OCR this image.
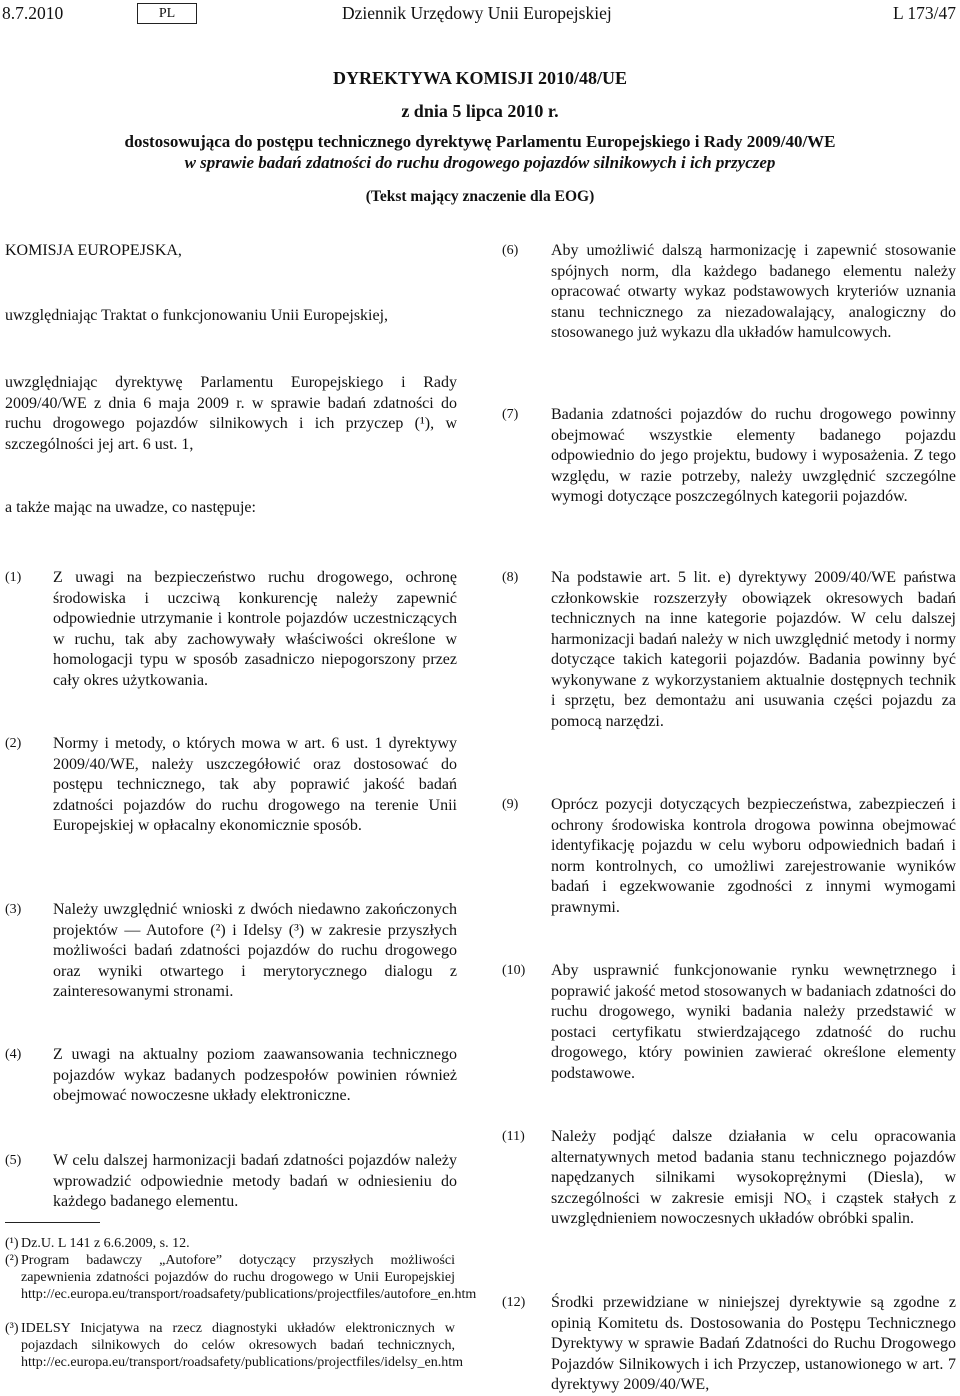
8.7.2010	PL	Dziennik Urzędowy Unii Europejskiej	L 173/47
DYREKTYWA KOMISJI 2010/48/UE
z dnia 5 lipca 2010 r.
dostosowująca do postępu technicznego dyrektywę Parlamentu Europejskiego i Rady 2009/40/WE
w sprawie badań zdatności do ruchu drogowego pojazdów silnikowych i ich przyczep
(Tekst mający znaczenie dla EOG)
KOMISJA EUROPEJSKA,
uwzględniając Traktat o funkcjonowaniu Unii Europejskiej,
uwzględniając dyrektywę Parlamentu Europejskiego i Rady 2009/40/WE z dnia 6 maja 2009 r. w sprawie badań zdatności do ruchu drogowego pojazdów silnikowych i ich przyczep (¹), w szczególności jej art. 6 ust. 1,
a także mając na uwadze, co następuje:
(1) Z uwagi na bezpieczeństwo ruchu drogowego, ochronę środowiska i uczciwą konkurencję należy zapewnić odpowiednie utrzymanie i kontrole pojazdów uczestniczących w ruchu, tak aby zachowywały właściwości określone w homologacji typu w sposób zasadniczo niepogorszony przez cały okres użytkowania.
(2) Normy i metody, o których mowa w art. 6 ust. 1 dyrektywy 2009/40/WE, należy uszczegółowić oraz dostosować do postępu technicznego, tak aby poprawić jakość badań zdatności pojazdów do ruchu drogowego na terenie Unii Europejskiej w opłacalny ekonomicznie sposób.
(3) Należy uwzględnić wnioski z dwóch niedawno zakończonych projektów — Autofore (²) i Idelsy (³) w zakresie przyszłych możliwości badań zdatności pojazdów do ruchu drogowego oraz wyniki otwartego i merytorycznego dialogu z zainteresowanymi stronami.
(4) Z uwagi na aktualny poziom zaawansowania technicznego pojazdów wykaz badanych podzespołów powinien również obejmować nowoczesne układy elektroniczne.
(5) W celu dalszej harmonizacji badań zdatności pojazdów należy wprowadzić odpowiednie metody badań w odniesieniu do każdego badanego elementu.
(¹) Dz.U. L 141 z 6.6.2009, s. 12.
(²) Program badawczy „Autofore” dotyczący przyszłych możliwości zapewnienia zdatności pojazdów do ruchu drogowego w Unii Europejskiej http://ec.europa.eu/transport/roadsafety/publications/projectfiles/autofore_en.htm
(³) IDELSY Inicjatywa na rzecz diagnostyki układów elektronicznych w pojazdach silnikowych do celów okresowych badań technicznych, http://ec.europa.eu/transport/roadsafety/publications/projectfiles/idelsy_en.htm
(6) Aby umożliwić dalszą harmonizację i zapewnić stosowanie spójnych norm, dla każdego badanego elementu należy opracować otwarty wykaz podstawowych kryteriów uznania stanu technicznego za niezadowalający, analogiczny do stosowanego już wykazu dla układów hamulcowych.
(7) Badania zdatności pojazdów do ruchu drogowego powinny obejmować wszystkie elementy badanego pojazdu odpowiednio do jego projektu, budowy i wyposażenia. Z tego względu, w razie potrzeby, należy uwzględnić szczególne wymogi dotyczące poszczególnych kategorii pojazdów.
(8) Na podstawie art. 5 lit. e) dyrektywy 2009/40/WE państwa członkowskie rozszerzyły obowiązek okresowych badań technicznych na inne kategorie pojazdów. W celu dalszej harmonizacji badań należy w nich uwzględnić metody i normy dotyczące takich kategorii pojazdów. Badania powinny być wykonywane z wykorzystaniem aktualnie dostępnych technik i sprzętu, bez demontażu ani usuwania części pojazdu za pomocą narzędzi.
(9) Oprócz pozycji dotyczących bezpieczeństwa, zabezpieczeń i ochrony środowiska kontrola drogowa powinna obejmować identyfikację pojazdu w celu wyboru odpowiednich badań i norm kontrolnych, co umożliwi zarejestrowanie wyników badań i egzekwowanie zgodności z innymi wymogami prawnymi.
(10) Aby usprawnić funkcjonowanie rynku wewnętrznego i poprawić jakość metod stosowanych w badaniach zdatności do ruchu drogowego, wyniki badania należy przedstawić w postaci certyfikatu stwierdzającego zdatność do ruchu drogowego, który powinien zawierać określone elementy podstawowe.
(11) Należy podjąć dalsze działania w celu opracowania alternatywnych metod badania stanu technicznego pojazdów napędzanych silnikami wysokoprężnymi (Diesla), w szczególności w zakresie emisji NOₓ i cząstek stałych z uwzględnieniem nowoczesnych układów obróbki spalin.
(12) Środki przewidziane w niniejszej dyrektywie są zgodne z opinią Komitetu ds. Dostosowania do Postępu Technicznego Dyrektywy w sprawie Badań Zdatności do Ruchu Drogowego Pojazdów Silnikowych i ich Przyczep, ustanowionego w art. 7 dyrektywy 2009/40/WE,
